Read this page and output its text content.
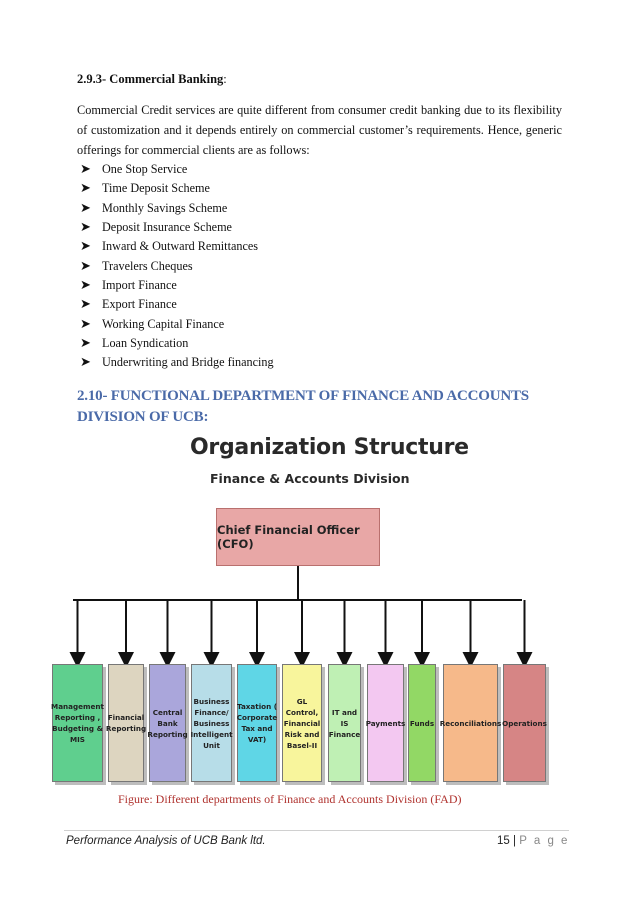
2.9.3- Commercial Banking:

Commercial Credit services are quite different from consumer credit banking due to its flexibility of customization and it depends entirely on commercial customer’s requirements. Hence, generic offerings for commercial clients are as follows:

➤ One Stop Service
➤ Time Deposit Scheme
➤ Monthly Savings Scheme
➤ Deposit Insurance Scheme
➤ Inward & Outward Remittances
➤ Travelers Cheques
➤ Import Finance
➤ Export Finance
➤ Working Capital Finance
➤ Loan Syndication
➤ Underwriting and Bridge financing
2.10- FUNCTIONAL DEPARTMENT OF FINANCE AND ACCOUNTS DIVISION OF UCB:
Organization Structure
Finance & Accounts Division
Chief Financial Officer (CFO)
Management Reporting , Budgeting & MIS
Financial Reporting
Central Bank Reporting
Business Finance/ Business Intelligent Unit
Taxation ( Corporate Tax and VAT)
GL Control, Financial Risk and Basel-II
IT and IS Finance
Payments Funds Reconciliations Operations
Figure: Different departments of Finance and Accounts Division (FAD)
Performance Analysis of UCB Bank ltd.	15 | P a g e
